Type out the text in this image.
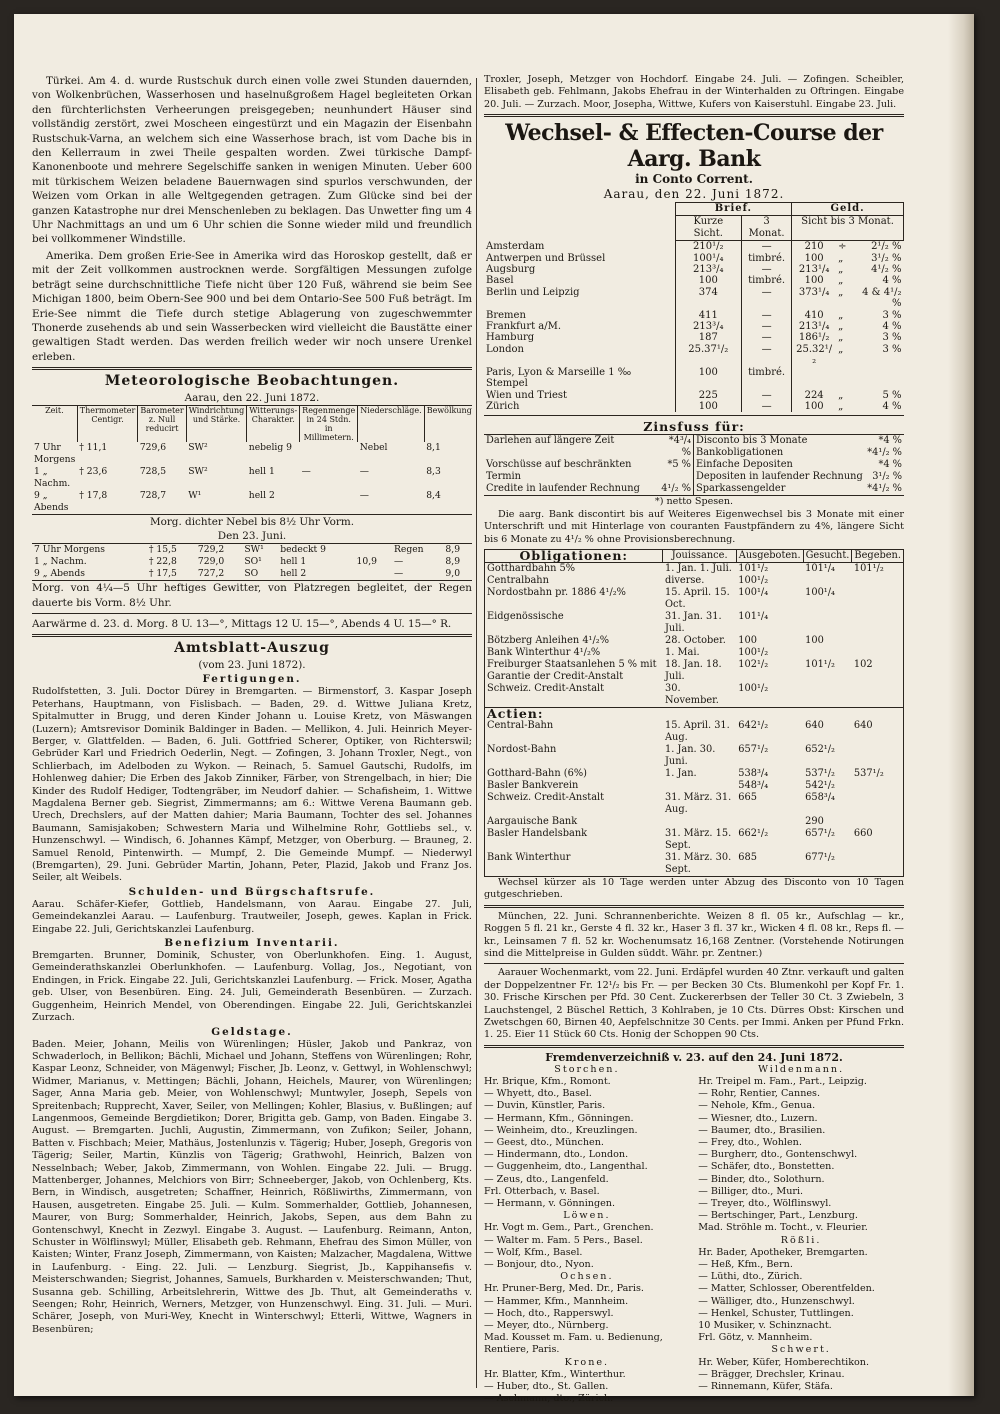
Türkei. Am 4. d. wurde Rustschuk durch einen volle zwei Stunden dauernden, von Wolkenbrüchen, Wasserhosen und haselnußgroßem Hagel begleiteten Orkan den fürchterlichsten Verheerungen preisgegeben; neunhundert Häuser sind vollständig zerstört, zwei Moscheen eingestürzt und ein Magazin der Eisenbahn Rustschuk-Varna, an welchem sich eine Wasserhose brach, ist vom Dache bis in den Kellerraum in zwei Theile gespalten worden. Zwei türkische Dampf-Kanonenboote und mehrere Segelschiffe sanken in wenigen Minuten. Ueber 600 mit türkischem Weizen beladene Bauernwagen sind spurlos verschwunden, der Weizen vom Orkan in alle Weltgegenden getragen. Zum Glücke sind bei der ganzen Katastrophe nur drei Menschenleben zu beklagen. Das Unwetter fing um 4 Uhr Nachmittags an und um 6 Uhr schien die Sonne wieder mild und freundlich bei vollkommener Windstille.

Amerika. Dem großen Erie-See in Amerika wird das Horoskop gestellt, daß er mit der Zeit vollkommen austrocknen werde. Sorgfältigen Messungen zufolge beträgt seine durchschnittliche Tiefe nicht über 120 Fuß, während sie beim See Michigan 1800, beim Obern-See 900 und bei dem Ontario-See 500 Fuß beträgt. Im Erie-See nimmt die Tiefe durch stetige Ablagerung von zugeschwemmter Thonerde zusehends ab und sein Wasserbecken wird vielleicht die Baustätte einer gewaltigen Stadt werden. Das werden freilich weder wir noch unsere Urenkel erleben.

Meteorologische Beobachtungen.
Aarau, den 22. Juni 1872.
Zeit.	Thermometer Centigr.	Barometer z. Null reducirt	Windrichtung und Stärke.	Witterungs-Charakter.	Regenmenge in 24 Stdn. in Millimetern.	Niederschläge.	Bewölkung
7 Uhr Morgens	† 11,1	729,6	SW²	nebelig 9		Nebel	8,1
1 „ Nachm.	† 23,6	728,5	SW²	hell 1	—	—	8,3
9 „ Abends	† 17,8	728,7	W¹	hell 2		—	8,4
Morg. dichter Nebel bis 8½ Uhr Vorm.
Den 23. Juni.
7 Uhr Morgens	† 15,5	729,2	SW¹	bedeckt 9		Regen	8,9
1 „ Nachm.	† 22,8	729,0	SO¹	hell 1	10,9	—	8,9
9 „ Abends	† 17,5	727,2	SO	hell 2		—	9,0

Morg. von 4¼—5 Uhr heftiges Gewitter, von Platzregen begleitet, der Regen dauerte bis Vorm. 8½ Uhr.

Aarwärme d. 23. d. Morg. 8 U. 13—°, Mittags 12 U. 15—°, Abends 4 U. 15—° R.

Amtsblatt-Auszug
(vom 23. Juni 1872).
Fertigungen.

Rudolfstetten, 3. Juli. Doctor Dürey in Bremgarten. — Birmenstorf, 3. Kaspar Joseph Peterhans, Hauptmann, von Fislisbach. — Baden, 29. d. Wittwe Juliana Kretz, Spitalmutter in Brugg, und deren Kinder Johann u. Louise Kretz, von Mäswangen (Luzern); Amtsrevisor Dominik Baldinger in Baden. — Mellikon, 4. Juli. Heinrich Meyer-Berger, v. Glattfelden. — Baden, 6. Juli. Gottfried Scherer, Optiker, von Richterswil; Gebrüder Karl und Friedrich Oederlin, Negt. — Zofingen, 3. Johann Troxler, Negt., von Schlierbach, im Adelboden zu Wykon. — Reinach, 5. Samuel Gautschi, Rudolfs, im Hohlenweg dahier; Die Erben des Jakob Zinniker, Färber, von Strengelbach, in hier; Die Kinder des Rudolf Hediger, Todtengräber, im Neudorf dahier. — Schafisheim, 1. Wittwe Magdalena Berner geb. Siegrist, Zimmermanns; am 6.: Wittwe Verena Baumann geb. Urech, Drechslers, auf der Matten dahier; Maria Baumann, Tochter des sel. Johannes Baumann, Samisjakoben; Schwestern Maria und Wilhelmine Rohr, Gottliebs sel., v. Hunzenschwyl. — Windisch, 6. Johannes Kämpf, Metzger, von Oberburg. — Brauneg, 2. Samuel Renold, Pintenwirth. — Mumpf, 2. Die Gemeinde Mumpf. — Niederwyl (Bremgarten), 29. Juni. Gebrüder Martin, Johann, Peter, Plazid, Jakob und Franz Jos. Seiler, alt Weibels.

Schulden- und Bürgschaftsrufe.

Aarau. Schäfer-Kiefer, Gottlieb, Handelsmann, von Aarau. Eingabe 27. Juli, Gemeindekanzlei Aarau. — Laufenburg. Trautweiler, Joseph, gewes. Kaplan in Frick. Eingabe 22. Juli, Gerichtskanzlei Laufenburg.

Benefizium Inventarii.

Bremgarten. Brunner, Dominik, Schuster, von Oberlunkhofen. Eing. 1. August, Gemeinderathskanzlei Oberlunkhofen. — Laufenburg. Vollag, Jos., Negotiant, von Endingen, in Frick. Eingabe 22. Juli, Gerichtskanzlei Laufenburg. — Frick. Moser, Agatha geb. Ulser, von Besenbüren. Eing. 24. Juli, Gemeinderath Besenbüren. — Zurzach. Guggenheim, Heinrich Mendel, von Oberendingen. Eingabe 22. Juli, Gerichtskanzlei Zurzach.

Geldstage.

Baden. Meier, Johann, Meilis von Würenlingen; Hüsler, Jakob und Pankraz, von Schwaderloch, in Bellikon; Bächli, Michael und Johann, Steffens von Würenlingen; Rohr, Kaspar Leonz, Schneider, von Mägenwyl; Fischer, Jb. Leonz, v. Gettwyl, in Wohlenschwyl; Widmer, Marianus, v. Mettingen; Bächli, Johann, Heichels, Maurer, von Würenlingen; Sager, Anna Maria geb. Meier, von Wohlenschwyl; Muntwyler, Joseph, Sepels von Spreitenbach; Rupprecht, Xaver, Seiler, von Mellingen; Kohler, Blasius, v. Bußlingen; auf Langenmoos, Gemeinde Bergdietikon; Dorer, Brigitta geb. Gamp, von Baden. Eingabe 3. August. — Bremgarten. Juchli, Augustin, Zimmermann, von Zufikon; Seiler, Johann, Batten v. Fischbach; Meier, Mathäus, Jostenlunzis v. Tägerig; Huber, Joseph, Gregoris von Tägerig; Seiler, Martin, Künzlis von Tägerig; Grathwohl, Heinrich, Balzen von Nesselnbach; Weber, Jakob, Zimmermann, von Wohlen. Eingabe 22. Juli. — Brugg. Mattenberger, Johannes, Melchiors von Birr; Schneeberger, Jakob, von Ochlenberg, Kts. Bern, in Windisch, ausgetreten; Schaffner, Heinrich, Rößliwirths, Zimmermann, von Hausen, ausgetreten. Eingabe 25. Juli. — Kulm. Sommerhalder, Gottlieb, Johannesen, Maurer, von Burg; Sommerhalder, Heinrich, Jakobs, Sepen, aus dem Bahn zu Gontenschwyl, Knecht in Zezwyl. Eingabe 3. August. — Laufenburg. Reimann, Anton, Schuster in Wölflinswyl; Müller, Elisabeth geb. Rehmann, Ehefrau des Simon Müller, von Kaisten; Winter, Franz Joseph, Zimmermann, von Kaisten; Malzacher, Magdalena, Wittwe in Laufenburg. - Eing. 22. Juli. — Lenzburg. Siegrist, Jb., Kappihansefis v. Meisterschwanden; Siegrist, Johannes, Samuels, Burkharden v. Meisterschwanden; Thut, Susanna geb. Schilling, Arbeitslehrerin, Wittwe des Jb. Thut, alt Gemeinderaths v. Seengen; Rohr, Heinrich, Werners, Metzger, von Hunzenschwyl. Eing. 31. Juli. — Muri. Schärer, Joseph, von Muri-Wey, Knecht in Winterschwyl; Etterli, Wittwe, Wagners in Besenbüren;

Troxler, Joseph, Metzger von Hochdorf. Eingabe 24. Juli. — Zofingen. Scheibler, Elisabeth geb. Fehlmann, Jakobs Ehefrau in der Winterhalden zu Oftringen. Eingabe 20. Juli. — Zurzach. Moor, Josepha, Wittwe, Kufers von Kaiserstuhl. Eingabe 23. Juli.

Wechsel- & Effecten-Course der Aarg. Bank
in Conto Corrent.
Aarau, den 22. Juni 1872.
	Brief.		Geld.		
	Kurze Sicht.	3 Monat.	Sicht bis 3 Monat.		
Amsterdam	210¹/₂	—	210	÷	2¹/₂ %
Antwerpen und Brüssel	100¹/₄	timbré.	100	„	3¹/₂ %
Augsburg	213³/₄	—	213¹/₄	„	4¹/₂ %
Basel	100	timbré.	100	„	4 %
Berlin und Leipzig	374	—	373¹/₄	„	4 & 4¹/₂ %
Bremen	411	—	410	„	3 %
Frankfurt a/M.	213³/₄	—	213¹/₄	„	4 %
Hamburg	187	—	186¹/₂	„	3 %
London	25.37¹/₂	—	25.32¹/₂	„	3 %
Paris, Lyon & Marseille 1 ‰ Stempel	100	timbré.			
Wien und Triest	225	—	224	„	5 %
Zürich	100	—	100	„	4 %
Zinsfuss für:
Darlehen auf längere Zeit	*4³/₄ %
Vorschüsse auf beschränkten Termin	*5 %
Credite in laufender Rechnung	4¹/₂ %
Disconto bis 3 Monate	*4 %
Bankobligationen	*4¹/₂ %
Einfache Depositen	*4 %
Depositen in laufender Rechnung	3¹/₂ %
Sparkassengelder	*4¹/₂ %
*) netto Spesen.

Die aarg. Bank discontirt bis auf Weiteres Eigenwechsel bis 3 Monate mit einer Unterschrift und mit Hinterlage von couranten Faustpfändern zu 4%, längere Sicht bis 6 Monate zu 4¹/₂ % ohne Provisionsberechnung.

Obligationen:	Jouissance.	Ausgeboten.	Gesucht.	Begeben.
Gotthardbahn 5%	1. Jan. 1. Juli.	101¹/₂	101¹/₄	101¹/₂
Centralbahn	diverse.	100¹/₂		
Nordostbahn pr. 1886 4¹/₂%	15. April. 15. Oct.	100¹/₄	100¹/₄	
Eidgenössische	31. Jan. 31. Juli.	101¹/₄		
Bötzberg Anleihen 4¹/₂%	28. October.	100	100	
Bank Winterthur 4¹/₂%	1. Mai.	100¹/₂		
Freiburger Staatsanlehen 5 % mit Garantie der Credit-Anstalt	18. Jan. 18. Juli.	102¹/₂	101¹/₂	102
Schweiz. Credit-Anstalt	30. November.	100¹/₂		
Actien:				
Central-Bahn	15. April. 31. Aug.	642¹/₂	640	640
Nordost-Bahn	1. Jan. 30. Juni.	657¹/₂	652¹/₂	
Gotthard-Bahn (6%)	1. Jan.	538³/₄	537¹/₂	537¹/₂
Basler Bankverein		548³/₄	542¹/₂	
Schweiz. Credit-Anstalt	31. März. 31. Aug.	665	658³/₄	
Aargauische Bank			290	
Basler Handelsbank	31. März. 15. Sept.	662¹/₂	657¹/₂	660
Bank Winterthur	31. März. 30. Sept.	685	677¹/₂	

Wechsel kürzer als 10 Tage werden unter Abzug des Disconto von 10 Tagen gutgeschrieben.

München, 22. Juni. Schrannenberichte. Weizen 8 fl. 05 kr., Aufschlag — kr., Roggen 5 fl. 21 kr., Gerste 4 fl. 32 kr., Haser 3 fl. 37 kr., Wicken 4 fl. 08 kr., Reps fl. — kr., Leinsamen 7 fl. 52 kr. Wochenumsatz 16,168 Zentner. (Vorstehende Notirungen sind die Mittelpreise in Gulden süddt. Währ. pr. Zentner.)

Aarauer Wochenmarkt, vom 22. Juni. Erdäpfel wurden 40 Ztnr. verkauft und galten der Doppelzentner Fr. 12¹/₂ bis Fr. — per Becken 30 Cts. Blumenkohl per Kopf Fr. 1. 30. Frische Kirschen per Pfd. 30 Cent. Zuckererbsen der Teller 30 Ct. 3 Zwiebeln, 3 Lauchstengel, 2 Büschel Rettich, 3 Kohlraben, je 10 Cts. Dürres Obst: Kirschen und Zwetschgen 60, Birnen 40, Aepfelschnitze 30 Cents. per Immi. Anken per Pfund Frkn. 1. 25. Eier 11 Stück 60 Cts. Honig der Schoppen 90 Cts.

Fremdenverzeichniß v. 23. auf den 24. Juni 1872.

Storchen.

Hr. Brique, Kfm., Romont.

— Whyett, dto., Basel.

— Duvin, Künstler, Paris.

— Hermann, Kfm., Gönningen.

— Weinheim, dto., Kreuzlingen.

— Geest, dto., München.

— Hindermann, dto., London.

— Guggenheim, dto., Langenthal.

— Zeus, dto., Langenfeld.

Frl. Otterbach, v. Basel.

— Hermann, v. Gönningen.

Löwen.

Hr. Vogt m. Gem., Part., Grenchen.

— Walter m. Fam. 5 Pers., Basel.

— Wolf, Kfm., Basel.

— Bonjour, dto., Nyon.

Ochsen.

Hr. Pruner-Berg, Med. Dr., Paris.

— Hammer, Kfm., Mannheim.

— Hoch, dto., Rapperswyl.

— Meyer, dto., Nürnberg.

Mad. Kousset m. Fam. u. Bedienung, Rentiere, Paris.

Krone.

Hr. Blatter, Kfm., Winterthur.

— Huber, dto., St. Gallen.

— Aschmann, dto., Zürich.

Wildenmann.

Hr. Treipel m. Fam., Part., Leipzig.

— Rohr, Rentier, Cannes.

— Nehole, Kfm., Genua.

— Wiesner, dto., Luzern.

— Baumer, dto., Brasilien.

— Frey, dto., Wohlen.

— Burgherr, dto., Gontenschwyl.

— Schäfer, dto., Bonstetten.

— Binder, dto., Solothurn.

— Billiger, dto., Muri.

— Treyer, dto., Wölflinswyl.

— Bertschinger, Part., Lenzburg.

Mad. Ströhle m. Tocht., v. Fleurier.

Rößli.

Hr. Bader, Apotheker, Bremgarten.

— Heß, Kfm., Bern.

— Lüthi, dto., Zürich.

— Matter, Schlosser, Oberentfelden.

— Wälliger, dto., Hunzenschwyl.

— Henkel, Schuster, Tuttlingen.

10 Musiker, v. Schinznacht.

Frl. Götz, v. Mannheim.

Schwert.

Hr. Weber, Küfer, Homberechtikon.

— Brägger, Drechsler, Krinau.

— Rinnemann, Küfer, Stäfa.
